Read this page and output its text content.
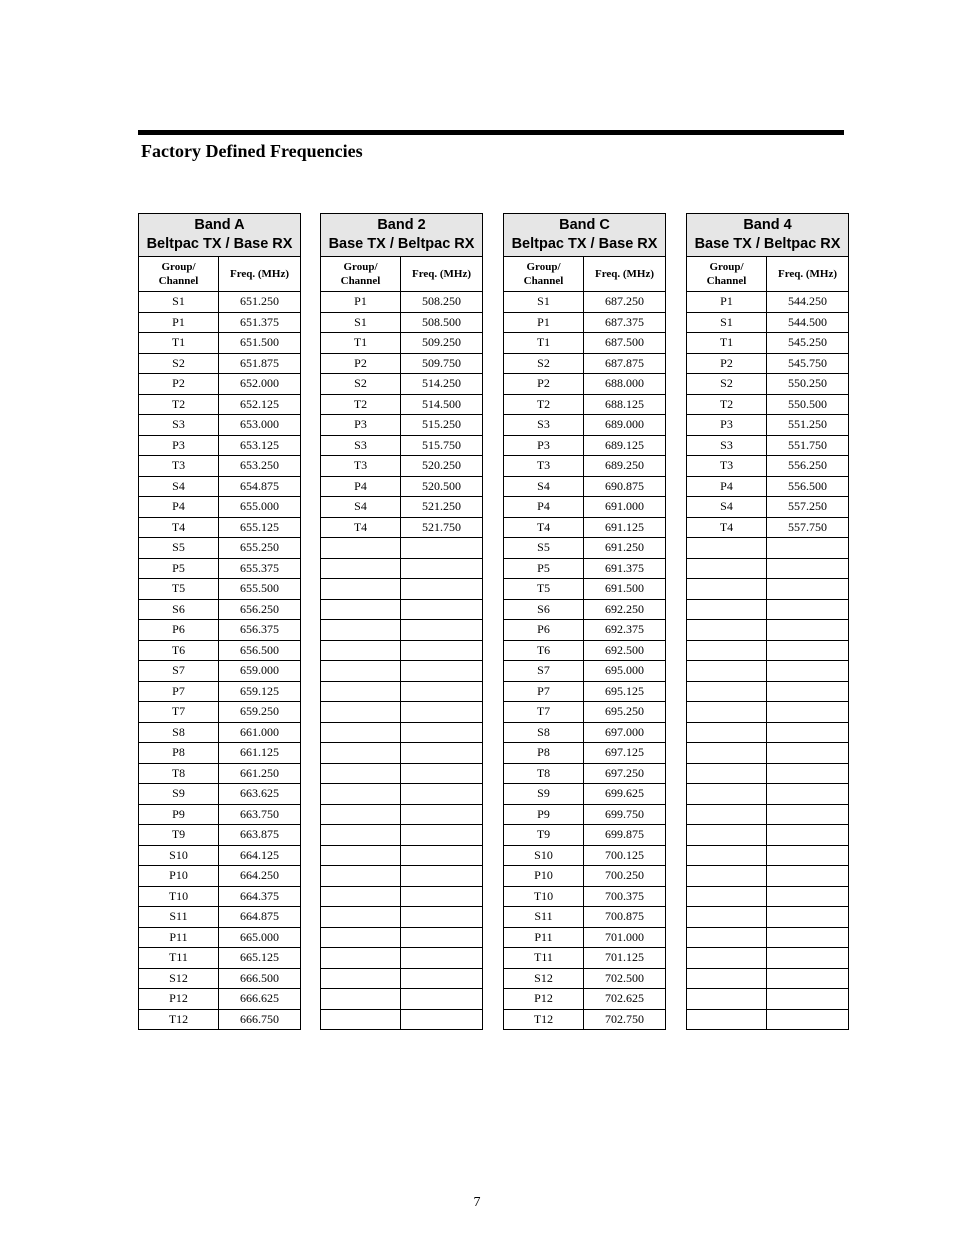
Factory Defined Frequencies
Band A
Beltpac TX / Base RX	

Group/
Channel	Freq. (MHz)
S1	651.250
P1	651.375
T1	651.500
S2	651.875
P2	652.000
T2	652.125
S3	653.000
P3	653.125
T3	653.250
S4	654.875
P4	655.000
T4	655.125
S5	655.250
P5	655.375
T5	655.500
S6	656.250
P6	656.375
T6	656.500
S7	659.000
P7	659.125
T7	659.250
S8	661.000
P8	661.125
T8	661.250
S9	663.625
P9	663.750
T9	663.875
S10	664.125
P10	664.250
T10	664.375
S11	664.875
P11	665.000
T11	665.125
S12	666.500
P12	666.625
T12	666.750
Band 2
Base TX / Beltpac RX	

Group/
Channel	Freq. (MHz)
P1	508.250
S1	508.500
T1	509.250
P2	509.750
S2	514.250
T2	514.500
P3	515.250
S3	515.750
T3	520.250
P4	520.500
S4	521.250
T4	521.750

Band C
Beltpac TX / Base RX	

Group/
Channel	Freq. (MHz)
S1	687.250
P1	687.375
T1	687.500
S2	687.875
P2	688.000
T2	688.125
S3	689.000
P3	689.125
T3	689.250
S4	690.875
P4	691.000
T4	691.125
S5	691.250
P5	691.375
T5	691.500
S6	692.250
P6	692.375
T6	692.500
S7	695.000
P7	695.125
T7	695.250
S8	697.000
P8	697.125
T8	697.250
S9	699.625
P9	699.750
T9	699.875
S10	700.125
P10	700.250
T10	700.375
S11	700.875
P11	701.000
T11	701.125
S12	702.500
P12	702.625
T12	702.750
Band 4
Base TX / Beltpac RX	

Group/
Channel	Freq. (MHz)
P1	544.250
S1	544.500
T1	545.250
P2	545.750
S2	550.250
T2	550.500
P3	551.250
S3	551.750
T3	556.250
P4	556.500
S4	557.250
T4	557.750

7
